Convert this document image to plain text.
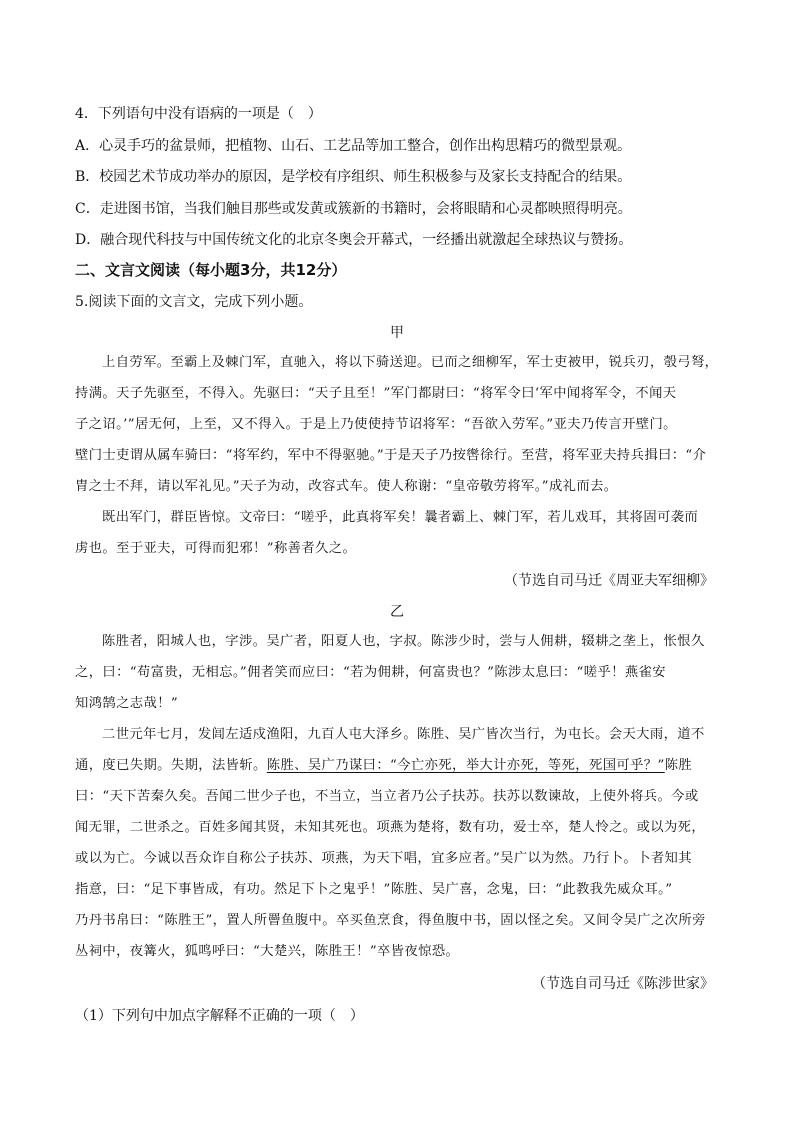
4．下列语句中没有语病的一项是（　）
A．心灵手巧的盆景师，把植物、山石、工艺品等加工整合，创作出构思精巧的微型景观。
B．校园艺术节成功举办的原因，是学校有序组织、师生积极参与及家长支持配合的结果。
C．走进图书馆，当我们触目那些或发黄或簇新的书籍时，会将眼睛和心灵都映照得明亮。
D．融合现代科技与中国传统文化的北京冬奥会开幕式，一经播出就激起全球热议与赞扬。
二、文言文阅读（每小题3分，共12分）
5.阅读下面的文言文，完成下列小题。
甲
上自劳军。至霸上及棘门军，直驰入，将以下骑送迎。已而之细柳军，军士吏被甲，锐兵刃，彀弓弩，
持满。天子先驱至，不得入。先驱曰：“天子且至！”军门都尉曰：“将军令曰‘军中闻将军令，不闻天
子之诏。’”居无何，上至，又不得入。于是上乃使使持节诏将军：“吾欲入劳军。”亚夫乃传言开壁门。
壁门士吏谓从属车骑曰：“将军约，军中不得驱驰。”于是天子乃按辔徐行。至营，将军亚夫持兵揖曰：“介
胄之士不拜，请以军礼见。”天子为动，改容式车。使人称谢：“皇帝敬劳将军。”成礼而去。
既出军门，群臣皆惊。文帝曰：“嗟乎，此真将军矣！曩者霸上、棘门军，若儿戏耳，其将固可袭而
虏也。至于亚夫，可得而犯邪！”称善者久之。
（节选自司马迁《周亚夫军细柳》
乙
陈胜者，阳城人也，字涉。吴广者，阳夏人也，字叔。陈涉少时，尝与人佣耕，辍耕之垄上，怅恨久
之，曰：“苟富贵，无相忘。”佣者笑而应曰：“若为佣耕，何富贵也？”陈涉太息曰：“嗟乎！燕雀安
知鸿鹄之志哉！”
二世元年七月，发闾左适戍渔阳，九百人屯大泽乡。陈胜、吴广皆次当行，为屯长。会天大雨，道不
通，度已失期。失期，法皆斩。陈胜、吴广乃谋曰：“今亡亦死，举大计亦死，等死，死国可乎？”陈胜
曰：“天下苦秦久矣。吾闻二世少子也，不当立，当立者乃公子扶苏。扶苏以数谏故，上使外将兵。今或
闻无罪，二世杀之。百姓多闻其贤，未知其死也。项燕为楚将，数有功，爱士卒，楚人怜之。或以为死，
或以为亡。今诚以吾众诈自称公子扶苏、项燕，为天下唱，宜多应者。”吴广以为然。乃行卜。卜者知其
指意，曰：“足下事皆成，有功。然足下卜之鬼乎！”陈胜、吴广喜，念鬼，曰：“此教我先威众耳。”
乃丹书帛曰：“陈胜王”，置人所罾鱼腹中。卒买鱼烹食，得鱼腹中书，固以怪之矣。又间令吴广之次所旁
丛祠中，夜篝火，狐鸣呼曰：“大楚兴，陈胜王！”卒皆夜惊恐。
（节选自司马迁《陈涉世家》
（1）下列句中加点字解释不正确的一项（　）
